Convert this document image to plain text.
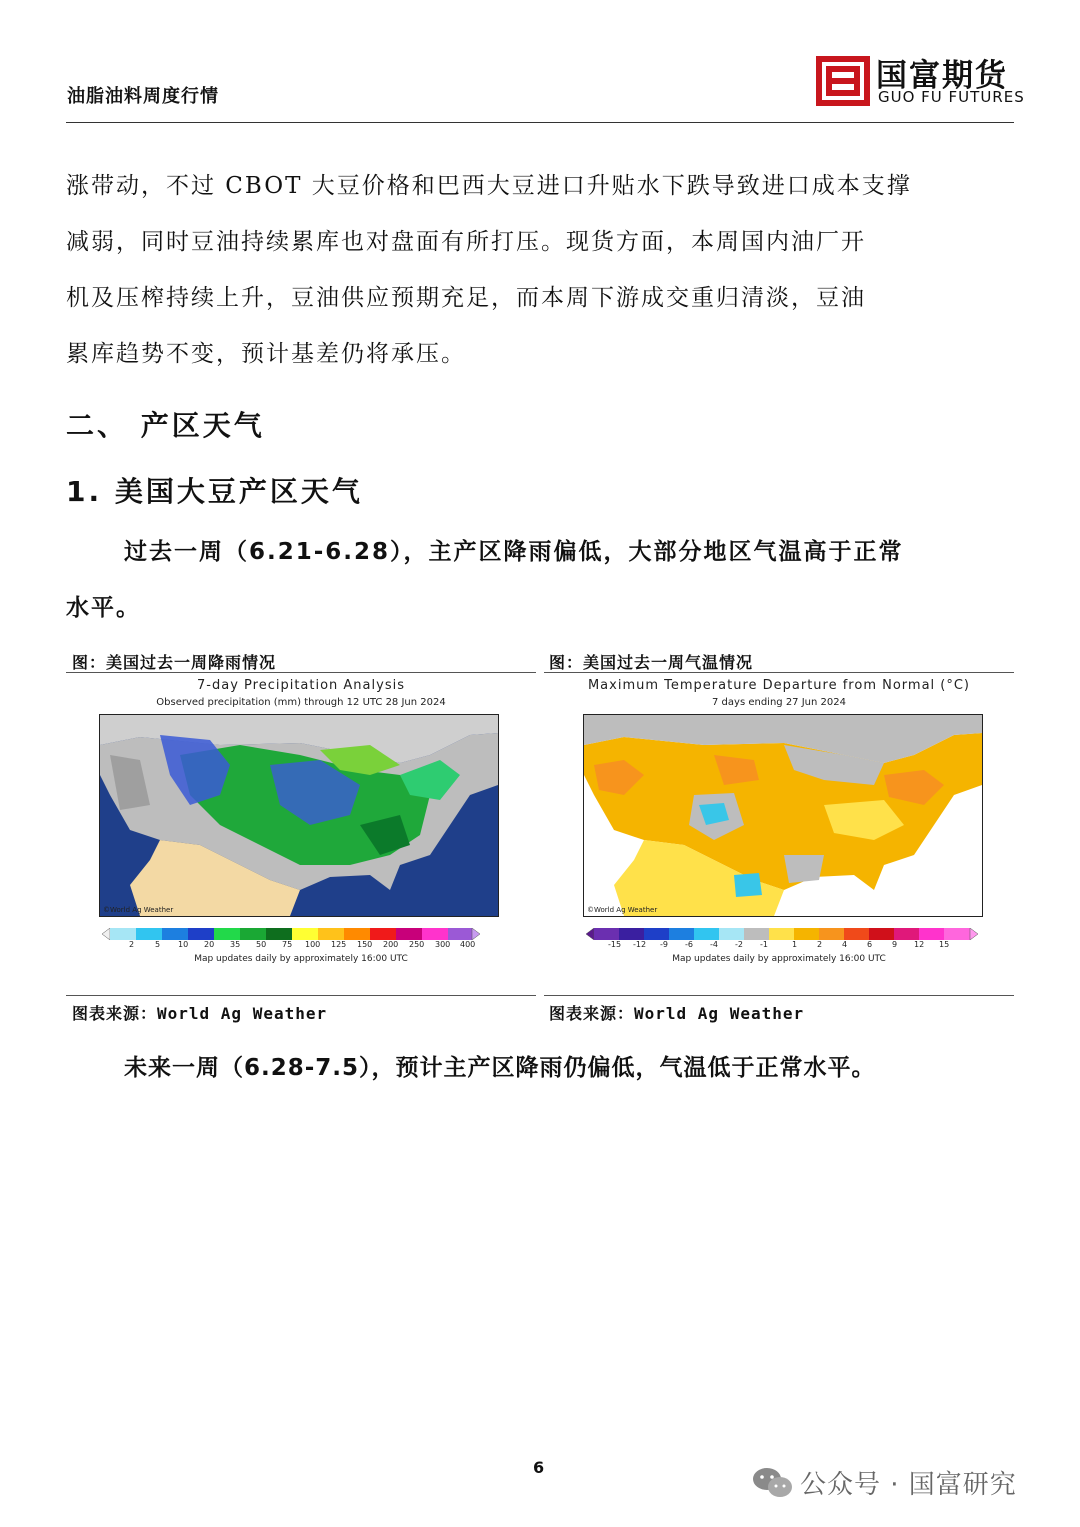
油脂油料周度行情
国富期货
GUO FU FUTURES
涨带动，不过 CBOT 大豆价格和巴西大豆进口升贴水下跌导致进口成本支撑
减弱，同时豆油持续累库也对盘面有所打压。现货方面，本周国内油厂开
机及压榨持续上升，豆油供应预期充足，而本周下游成交重归清淡，豆油
累库趋势不变，预计基差仍将承压。
二、 产区天气
1. 美国大豆产区天气
过去一周（6.21-6.28），主产区降雨偏低，大部分地区气温高于正常
水平。
图：美国过去一周降雨情况
7-day Precipitation Analysis
Observed precipitation (mm) through 12 UTC 28 Jun 2024
©World Ag Weather
2	5 10 20 35 50 75 100 125 150 200 250 300 400
Map updates daily by approximately 16:00 UTC
图表来源：World Ag Weather
图：美国过去一周气温情况
Maximum Temperature Departure from Normal (°C)
7 days ending 27 Jun 2024
©World Ag Weather
-15 -12 -9 -6 -4 -2 -1	1 2 4 6 9 12 15
Map updates daily by approximately 16:00 UTC
图表来源：World Ag Weather
未来一周（6.28-7.5），预计主产区降雨仍偏低，气温低于正常水平。
6
公众号 · 国富研究
